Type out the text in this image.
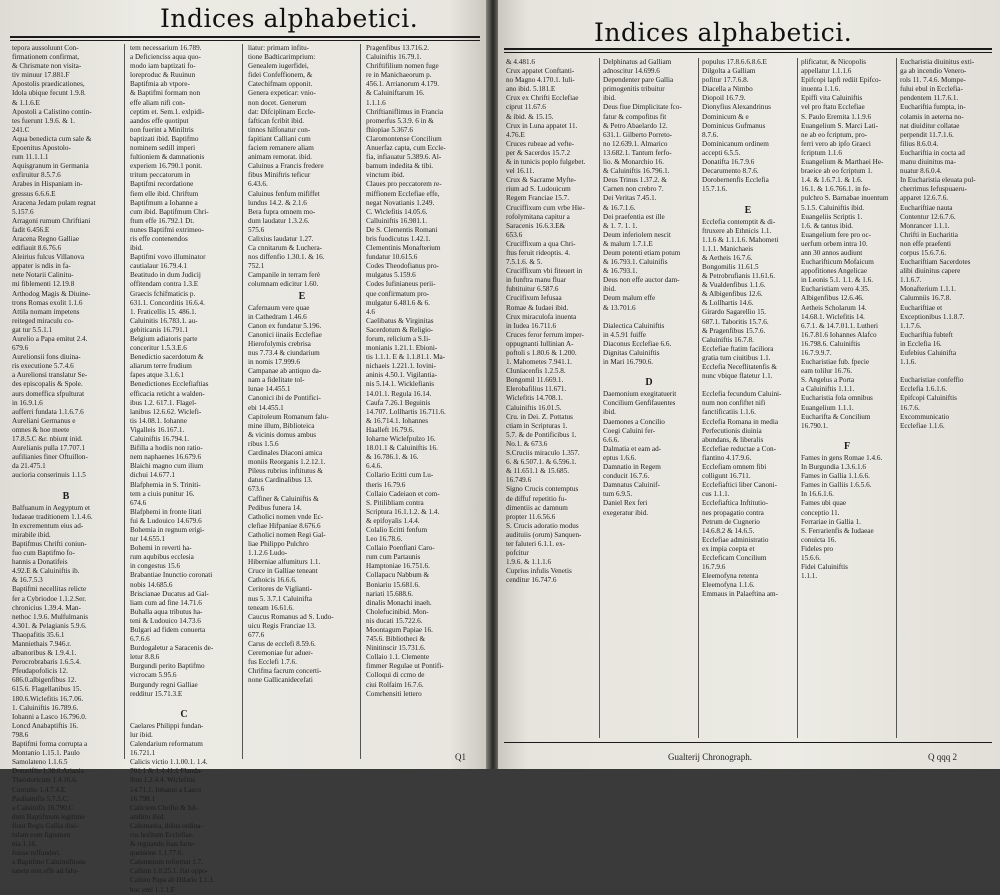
Indices alphabetici.
tepora aussoluunt Con-
firmationem confirmat,
& Chrismate non visita-
tiv minuur 17.881.F
Apostolis praedicationes,
Idola ubique fecunt 1.9.8.
& 1.1.6.E
Apostoli a Calistino contin-
tes fuerunt 1.9.6. & 1.
241.C
Aqua benedicta cum sale &
Epoenitus Apostolo-
rum 11.1.1.1
Aquisgranum in Germania
exfiruitur 8.5.7.6
Arabes in Hispaniam in-
gressus 6.6.6.E
Aracena Jedam pulam regnat
5.157.6
Arragoni rumum Chriftiani
fadit 6.456.E
Aracena Regno Galliae
edifiauit 8.6.76.6
Aleirius fulcus Villanova
appater is ndis in fa-
nete Notarii Calinitu-
mi fiblementi 12.19.8
Arthodog Magis & Diuine-
trons Romas exolit 1.1.6
Attila nomam impetens
reiteged miraculu co-
gat tur 5.5.1.1
Aurelio a Papa emitut 2.4.
679.6
Aurelionsii fons diuina-
ris executione 5.7.4.6
a Aurelionsi translatur Se-
des episcopalis & Spole.
aurs domeffica sfpulturat
in 16.9.1.6
aufferri fundata 1.1.6.7.6
Aureliani Germanus e
omnes & hoe meete
17.8.5.C &r. nbiunt inid.
Aurelianis pulla 17.707.1
aufilianies finer Oftuillon-
da 21.475.1
aucioria conserinuis 1.1.5

B
Balfuanum in Aegyptum et
Iudaeae traditionem 1.1.4.6.
In excrementum eius ad-
mirabile ibid.
Baptifmus Chrifti coniun-
fuo cum Baptifmo fo-
hannis a Donatifeis
4.92.E & Caluiniftis ib.
& 16.7.5.3
Baptifmi necellitas relicte
fer a Cybriodoe 1.1.2.Ser.
chronicius 1.39.4. Man-
nethoc 1.9.6. Mulfulmanis
4.301. & Pelagianis 5.9.6.
Thaopafitis 35.6.1
Manniethais 7.946.r.
albanoribus & 1.9.4.1.
Perocrobrabaris 1.6.5.4.
Pfeudapofolicis 12.
686.0.albigenfibus 12.
615.6. Flagellanibus 15.
180.6.Wiclefitis 16.7.06.
1. Caluiniftis 16.789.6.
Iohanni a Lasco 16.796.0.
Loncd Anabaptiftis 16.
798.6
Baptifmi forma corrupta a
Montanio 1.15.1. Paulo
Samolateno 1.1.6.5
Donatiflis 1.38.0.Ariania
Theodoricum 1.4.16.6.
Cornulio 1.4.7.4.E
Pauliamifis 5.7.5.C.
a Caluinifis 16.790.C
dum Baptifmum legitime
fiunt Regis Gallia dixi-
tulam eum figtumen
nia 1.16.
fuisse reffunderi.
a Baptifmo Caluimiftione
tanete non effe ad falu-
tem necessarium 16.789.
a Deficienciss aqua quo-
modo iam baptizati fo-
loreproduc & Ruuinun
Baptifmia ab vtpore-
& Baptifmi formam non
effe aliam nifi con-
ceptim et. Sem.1. exlpidi-
aandos effe quotiput
non fuerint a Miniltris
baptizati ibid. Baptifmo
nominem sedill imperi
fultioniem & damnationis
experiem 16.790.1 ponit.
tritum peccatorum in
Baptifmi recordatione
fiem elle ibid. Chriftum
Baptifmum a Iohanne a
cum ibid. Baptifmum Chri-
ftum effe 16.792.1 Dt.
nunes Baptifmi extrimeo-
ris effe contenendos
ibid.
Baptifmi vovo illuminator
cautialaur 16.79.4.1
Beatitudo in dum Judicij
offitendam contra 1.3.E
Graecis fchifmaticis p.
631.1. Concorditis 16.6.4.
1. Fraticellis 15. 486.1.
Caluinitis 16.783.1. au-
gebiticanis 16.791.1
Belgium adiatoris parte
conceritur 1.5.3.E.6
Benedictio sacerdotum &
aliarum terre frudium
fapes atque 3.1.6.1
Benedictiones Ecclefiaftias
efficacia reticht a walden-
ibus 1.2. 617.1. Flagel-
lanibus 12.6.62. Wiclefi-
tis 14.08.1. Iohanne
Vigalleis 16.167.1.
Caluiniftis 16.794.1.
Bifilla a hodiis non ratio-
nem naphaenes 16.679.6
Blaichi magno cum ilium
dichui 14.677.1
Blafphemia in S. Triniti-
tem a ciuis punitur 16.
674.6
Blafphemi in fronte litati
fui & Ludouico 14.679.6
Bohemia in regnum erigi-
tur 14.655.1
Bohemi in reverti ha-
rum aqubibus ecclesia
in congestus 15.6
Brabantiae Inunctio coronati
nobis 14.685.6
Briscianae Ducatus ad Gal-
liam cum ad fine 14.71.6
Buhalla aqua tributus ha-
teni & Ludouico 14.73.6
Bulgari ad fidem conuerta
6.7.6.6
Burdogaletur a Saracenis de-
letur 8.8.6
Burgundi perito Baptifmo
vicrocam 5.95.6
Burgundy regni Galliae
redditur 15.71.3.E

C
Caelares Philippi fundan-
lur ibid.
Calendarium reformatum
16.721.1
Calicis victio 1.1.00.1. 1.4.
701.1 & 1.4.41.1 Flanda-
ibus 1.2.4.4. Wiclefitis
14.71.1. Iohanni a Lasco
16.798.1
Caliciem Chrifto & Iul-
amlitto ibid.
Calumania, dolus ordina-
rus hofitum Ecclefiae.
& regnando fuas farte-
quenione 1.1.77.6.
Calumnium reformat 1.7.
Callum 1.0.25.1. fiat oppo-
Calisto Papa ab Hilario 1.1.1.
hoc emi 1.1.1.F
liatur: primam infitu-
tione Badticarimprium:
Genealem iugerfidei,
fidei Confeffionem, &
Catechifmam opponit.
Genera expeticar: vnio-
non docet. Generum
dat: Difciplinam Eccle-
faftican fcribit ibid.
tinnos hilfonatur con-
fapitiant Calliani cum
faciem remanere aliam
animam remorat. ibid.
Caluinus a Francis fredere
fibus Miniftris teficur
6.43.6.
Caluinus fenfum mififfet
lundus 14.2. & 2.1.6
Bera fupra omnem mo-
dum laudatur 1.3.2.6.
575.6
Calixius laudatur 1.27.
Ca cnnitarum & Luchera-
nos diffenfio 1.30.1. & 16.
752.1
Campanile in terram ferè
columnam edicitur 1.60.
E
Cafernaum vere quae
in Cathedram 1.46.6
Canon ex fundatur 5.196.
Canonici iinaiis Ecclefiae
Hierofolymis crebrisa
nus 7.73.4 & ciundarium
in nomis 17.999.6
Campanae ab antiquo da-
nam a fidelitate tol-
lunae 14.455.1
Canonici ibi de Pontifici-
ebi 14.455.1
Capitoleum Romanum falu-
mine illum, Biblioteica
& vicinis domus ambus
ribus 1.5.6
Cardinales Diaconi amica
moniis Reorganis 1.2.12.1.
Pileus rubrius inftitutus &
datus Cardinalibus 13.
673.6
Caffiner & Caluiniftis &
Pedibus funera 14.
Catholici nomen vnde Ec-
clefiae Hifpaniae 8.676.6
Catholici nomen Regi Gal-
liae Philippo Pulchro
1.1.2.6 Ludo-
Hiberniae alfumiturs 1.1.
Cruce in Galliae teneant
Cathoicis 16.6.6.
Ceritores de Viglianti-
nus 5. 3.7.1 Caluinifta
teneam 16.61.6.
Caucus Romanus ad S. Ludo-
uicu Regis Franciae 13.
677.6
Carus de ecclefi 8.59.6.
Ceremoniae fur aduer-
fus Ecclefi 1.7.6.
Chrifma facrum concerti-
none Gallicanidecefati
Pragenfibus 13.716.2.
Caluiniftis 16.79.1.
Chriftifilium nomen fuge
re in Manichaeorum p.
456.1. Arrianorum 4.179.
& Caluiniftarum 16.
1.1.1.6
Chriftianiflimus in Francia
promerfus 5.3.9. 6 in &
fhiopiae 5.367.6
Claromontense Concilium
Anuerfaz capta, cum Eccle-
fia, infiauatur 5.389.6. Al-
bamum indedita & tibi.
vinctum ibid.
Claues pro peccatorem re-
miffionem Ecclefiae effe,
negat Novatianis 1.249.
C. Wiclefitis 14.05.6.
Calluiniftis 16.981.1.
De S. Clementis Romani
bris fuodicutus 1.42.1.
Clementinis Monafterium
fundatur 10.615.6
Codes Theodofianus pro-
mulgatus 5.159.6
Codes Iufinianeus perii-
que confirmatum pro-
mulgatur 6.481.6 & 6.
4.6
Caelibatus & Virginitas
Sacerdotum & Religio-
forum, relicium a S.Ii-
monianis 1.21.1. Ebioni-
tis 1.1.1. E & 1.1.81.1. Ma-
nichaeis 1.221.1. Iovini-
aninis 4.50.1. Vigilantia-
nis 5.14.1. Wicklefianis
14.01.1. Regula 16.14.
Caufa 7.26.1 Beguinis
14.707. Lollhartis 16.711.6.
& 16.714.1. Iohannes
Haalleft 16.79.6.
Ioharne Wiclefpulzo 16.
18.01.1 & Caluiniftis 16.
& 16.786.1. & 16.
6.4.6.
Collario Ecitti cum Lu-
theris 16.79.6
Collaio Cadeiaon et com-
S. Pitilibliam contra
Scriptura 16.1.1.2. & 1.4.
& epifoyalis 1.4.4.
Colalio Ecitti fenfum
Leo 16.78.6.
Collaio Poenfiani Caro-
rum cum Partaunis
Hamptoniae 16.751.6.
Collapacu Nabbum &
Boniariu 15.681.6.
nariati 15.688.6.
dinalis Monachi inaeh.
Cholefucinibid. Mon-
nis ducati 15.722.6.
Moontagum Papiae 16.
745.6. Bibliotheci &
Ninitinscir 15.731.6.
Collaio 1.1. Clemente
fimmer Regulae ut Pontifi-
Colloqui di ccmo de
ciui Rolfaim 16.7.6.
Comrhensiti lettero
Q1
Indices alphabetici.
& 4.481.6
Crux appatet Conftanti-
no Magno 4.170.1. Iuli-
ano ibid. 5.181.E
Crux ex Chrifti Ecclefiae
ciprut 11.67.6
& ibid. & 15.15.
Crux in Luna appatet 11.
4.76.E
Cruces rubeae ad vefte-
per & Sacerdos 15.7.2
& in tunicis poplo fulgebet.
vel 16.11.
Crux & Sacrame Myfte-
rium ad S. Ludouicum
Regem Franciae 15.7.
Cruciffixum cum vrbe Hie-
rofolymitana capitur a
Saracenis 16.6.3.E&
653.6
Cruciffixum a qua Chri-
ftus feruit rideoptis. 4.
7.5.1.6. & 5.
Cruciffixum vbi fiteuert in
in funftra manu fluar
fubtituitur 6.587.6
Crucifixum Iefusaa
Romae & Iudaei ibid.
Crux miraculofa inuenta
in Iudea 16.711.6
Cruces feror ferrum imper-
oppugnanti Iullinian A-
poftoli s 1.80.6 & 1.200.
1. Mahometes 7.941.1.
Cluniacenfis 1.2.5.8.
Bongomil 11.669.1.
Elerobafilius 11.671.
Wiclefitis 14.708.1.
Caluiniftis 16.01.5.
Cru. in Dei. Z. Pottatus
ctiam in Scripturas 1.
5.7. & de Pontificibus 1.
No.1. & 673.6
S.Cruciis miraculo 1.357.
6. & 6.507.1. & 6.596.1.
& 11.651.1 & 15.685.
16.749.6
Signo Crucis contemptus
de diffuf repetitio fu-
dimentiis ac damnum
propter 11.6.56.6
S. Crucis adoratio modus
audituiis (orum) Sanquen-
ter faluteri 6.1.1. ex-
pofcitur
1.9.6. & 1.1.1.6
Cuprius infulis Venetis
cenditur 16.747.6
Delphinatus ad Galliam
adnoscitur 14.699.6
Dependenter pare Gallia
primogenitis tribuitur
ibid.
Deus fiue Dimplicitate fco-
fatur & compofitus fit
& Petro Abaelardo 12.
631.1. Gilberto Porreto-
no 12.639.1. Almarico
13.682.1. Tantum ferfo-
lio. & Monarchio 16.
& Caluiniftis 16.796.1.
Deus Trinus 1.37.2. &
Carnen non crebro 7.
Dei Veritas 7.45.1.
& 16.7.1.6.
Dei praefentia est ille
& 1. 7. 1. 1.
Deum inferiolem nescit
& malum 1.7.1.E
Deum potenti etiam potum
& 16.793.1. Caluinifis
& 16.793.1.
Deus non effe auctor dam-
ibid.
Deum malum effe
& 13.701.6

Dialectica Caluiniftis
in 4.5.91 fuiffe
Diaconus Ecclefiae 6.6.
Dignitas Caluiniftis
in Mari 16.790.6.

D
Daemonium exegitatuerit
Concilium Genfifauentes
ibid.
Daemones a Concilio
Coegi Caluini fer-
6.6.6.
Dalmatia et eam ad-
eptus 1.6.6.
Damnatio in Regem
conducit 16.7.6.
Damnatus Caluinif-
tum 6.9.5.
Daniel Rex feri
exegeratur ibid.
populus 17.8.6.6.8.6.E
Dilgolta a Galliam
pofitur 17.7.6.8.
Diacella a Nimbo
Diopoil 16.7.9.
Dionyfius Alexandrinus
Dominicum & e
Dominicus Gufmanus
8.7.6.
Dominicanum ordinem
accepti 6.5.5.
Donatifta 16.7.9.6
Decarumento 8.7.6.
Dorobernenfis Ecclefia
15.7.1.6.

E
Ecclefia contemptit & di-
ftruxere ab Ethnicis 1.1.
1.1.6 & 1.1.1.6. Mahometi
1.1.1. Manichaeis
& Aetheis 16.7.6.
Bongomilis 11.61.5
& Petrobrufianis 11.61.6.
& Vualdenfibus 1.1.6.
& Albigenfibus 12.6.
& Lollhartis 14.6.
Girardo Sagarellio 15.
687.1. Taboritis 15.7.6.
& Pragenfibus 15.7.6.
Caluiniftis 16.7.8.
Ecclefiae ftatim faciliora
gratia tum ciuitibus 1.1.
Ecclefia Neceflitatenfis &
nunc vbique flatetur 1.1.

Ecclefia fecundum Caluini-
num non confiftet nifi
fanctificatiis 1.1.6.
Ecclefia Romana in media
Perfecutionis diuinia
abundans, & liberalis
Ecclefiae reductae a Con-
fiantino 4.17.9.6.
Ecclefiam omnem fibi
colligunt 16.711.
Ecclefiaftici liber Canoni-
cus 1.1.1.
Ecclefiaftica Inftitutio-
nes propagatio contra
Petrum de Cugnerio
14.6.8.2 & 14.6.5.
Ecclefiae administratio
ex impia coepta et
Eccleficam Concilium
16.7.9.6
Eleemofyna retenta
Eleemofyna 1.1.6.
Emmaus in Palaeftina am-
plificatur, & Nicopolis
appellatur 1.1.1.6
Epifcopi lapfi rediit Epifco-
inuenta 1.1.6.
Epiffi vita Caluiniftis
vel pro ftatu Ecclefiae
S. Paulo Eremita 1.1.9.6
Euangelium S. Marci Lati-
ne ab eo fcriptum, pro-
ferri vero ab ipfo Graeci
fcriptum 1.1.6
Euangelium & Marthaei He-
braeice ab eo fcriptum 1.
1.4. & 1.6.7.1. & 1.6.
16.1. & 1.6.766.1. in fe-
pulchro S. Barnabae inuentum
5.1.5. Caluiniftis ibid.
Euangeliis Scriptis 1.
1.6. & tantus ibid.
Euangelium fere pro oc-
uerfum orbem intra 10.
ann 30 annos audiunt
Eucharifticum Mofaicum
appofitiones Angelicae
in Leonis 5.1. 1.1. & 1.6.
Eucharistiam vero 4.35.
Albigenfibus 12.6.46.
Aetheis Scholarum 14.
14.68.1. Wiclefitis 14.
6.7.1. & 14.7.01.1. Lutheri
16.7.81.6 Iohannes Alafco
16.798.6. Caluiniftis
16.7.9.9.7.
Eucharistiae fub. fpecie
eam tolilur 16.76.
S. Angelus a Porta
a Caluiniftis 1.1.1.
Eucharistia fola omnibus
Euangelium 1.1.1.
Eucharifta & Concilium
16.790.1.

F
Fames in gens Romae 1.4.6.
In Burgundia 1.3.6.1.6
Fames in Gallia 1.1.6.6.
Fames in Galliis 1.6.5.6.
In 16.6.1.6.
Fames ubi quae
conceptio 11.
Ferrariae in Gallia 1.
S. Ferrarienfis & Iudaeae
conuicta 16.
Fideles pro
15.6.6.
Fidei Caluiniftis
1.1.1.
Eucharistia diuinitus exti-
ga ab incendio Venero-
rols 11. 7.4.6. Mompe-
fului ebul in Ecclefia-
pendentem 11.7.6.1.
Euchariftia fumpta, in-
colamis in aeterna no-
nat diuiditur collatae
perpendit 11.7.1.6.
filius 8.6.0.4.
Euchariftia in cocta ad
manu diuinitus ma-
nuatur 8.6.0.4.
In Eucharistia eleuata pul-
cherrimus Iefuspuaeru-
apparet 12.6.7.6.
Euchariftiae nauta
Contentur 12.6.7.6.
Monrancer 1.1.1.
Chrifti in Eucharitia
non effe praefenti
corpus 15.6.7.6.
Euchariftiam Sacerdotes
alibi diuinitus capere
1.1.6.7.
Monafterium 1.1.1.
Calumniis 16.7.8.
Euchariftiae et
Exceptionibus 1.1.8.7.
1.1.7.6.
Euchariftia fubteft
in Ecclefia 16.
Eufebius Caluinifta
1.1.6.

Eucharistiae confeffio
Ecclefia 1.6.1.6.
Epifcopi Caluiniftis
16.7.6.
Excommunicatio
Ecclefiae 1.1.6.
Gualterij Chronograph.	Q qqq 2
